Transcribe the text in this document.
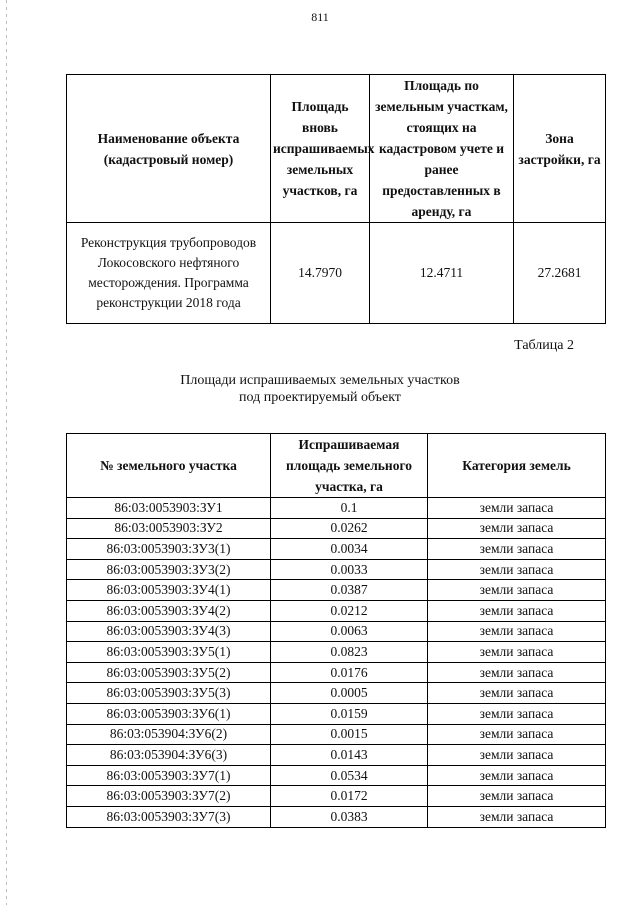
811
Наименование объекта (кадастровый номер)	Площадь вновь испрашиваемых земельных участков, га	Площадь по земельным участкам, стоящих на кадастровом учете и ранее предоставленных в аренду, га	Зона застройки, га
Реконструкция трубопроводов Локосовского нефтяного месторождения. Программа реконструкции 2018 года	14.7970	12.4711	27.2681
Таблица 2
Площади испрашиваемых земельных участков
под проектируемый объект
№ земельного участка	Испрашиваемая площадь земельного участка, га	Категория земель
86:03:0053903:ЗУ1	0.1	земли запаса
86:03:0053903:ЗУ2	0.0262	земли запаса
86:03:0053903:ЗУ3(1)	0.0034	земли запаса
86:03:0053903:ЗУ3(2)	0.0033	земли запаса
86:03:0053903:ЗУ4(1)	0.0387	земли запаса
86:03:0053903:ЗУ4(2)	0.0212	земли запаса
86:03:0053903:ЗУ4(3)	0.0063	земли запаса
86:03:0053903:ЗУ5(1)	0.0823	земли запаса
86:03:0053903:ЗУ5(2)	0.0176	земли запаса
86:03:0053903:ЗУ5(3)	0.0005	земли запаса
86:03:0053903:ЗУ6(1)	0.0159	земли запаса
86:03:053904:ЗУ6(2)	0.0015	земли запаса
86:03:053904:ЗУ6(3)	0.0143	земли запаса
86:03:0053903:ЗУ7(1)	0.0534	земли запаса
86:03:0053903:ЗУ7(2)	0.0172	земли запаса
86:03:0053903:ЗУ7(3)	0.0383	земли запаса
